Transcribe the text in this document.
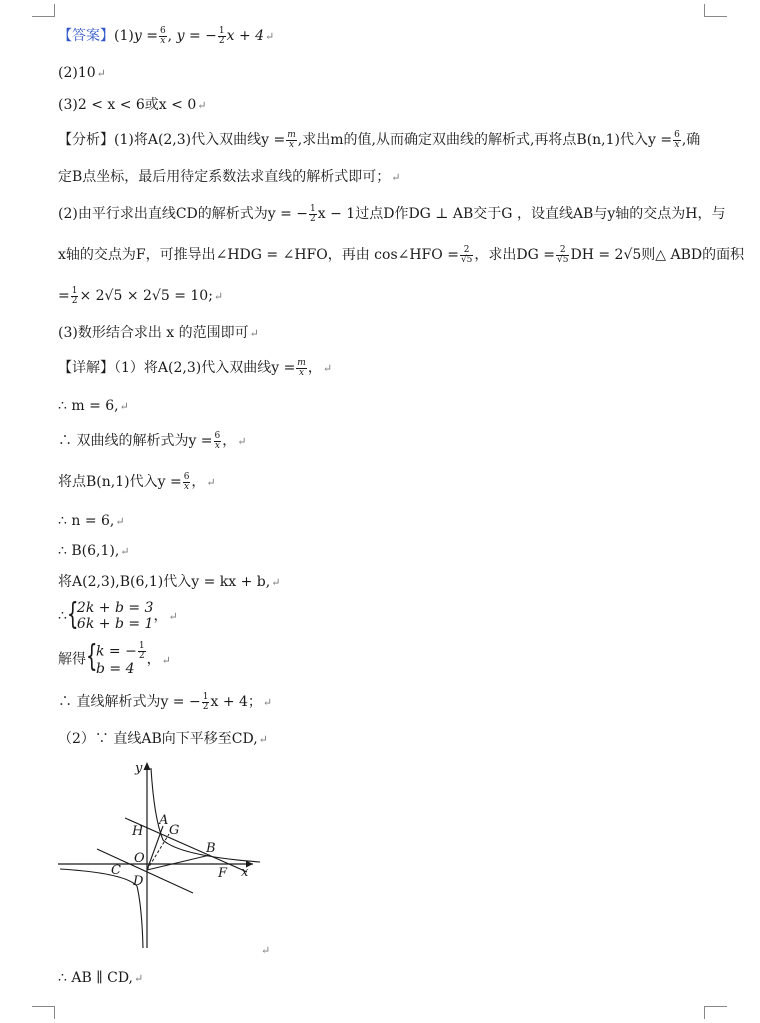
【答案】$(1)y = \frac{6}{x}$ , y = − $\frac{1}{2}$ x + 4↵
(2)10↵
(3)2 < x < 6或x < 0↵
【分析】(1)将A(2,3)代入双曲线$y = \frac{m}{x}$ ,求出m的值,从而确定双曲线的解析式,再将点B(n,1)代入$y = \frac{6}{x}$ ,确
定B点坐标，最后用待定系数法求直线的解析式即可；↵
(2)由平行求出直线CD的解析式为y = − $\frac{1}{2}$ x − 1过点D作DG ⊥ AB交于G ，设直线AB与y轴的交点为H，与
x轴的交点为F，可推导出∠HDG = ∠HFO，再由 cos∠HFO = $\frac{2}{√5}$ ，求出DG = $\frac{2}{√5}$ DH = 2√5则△ ABD的面积
= $\frac{1}{2} \times 2√5 \times 2√5$ = 10;↵
(3)数形结合求出 x 的范围即可↵
【详解】（1）将A(2,3)代入双曲线$y = \frac{m}{x}$ ，↵
∴ m = 6,↵
∴ 双曲线的解析式为$y = \frac{6}{x}$ ，↵
将点B(n,1)代入$y = \frac{6}{x}$ ，↵
∴ n = 6,↵
∴ B(6,1),↵
将A(2,3),B(6,1)代入y = kx + b,↵
∴ {
2k + b = 3
6k + b = 1 ，↵
解得 {
k = − $\frac{1}{2}$
b = 4
，↵
∴ 直线解析式为y = − $\frac{1}{2}$ x + 4；↵
（2）∵ 直线AB向下平移至CD,↵
y
x
A
G
H
B
O
C
D
F
↵
∴ AB ∥ CD,↵
